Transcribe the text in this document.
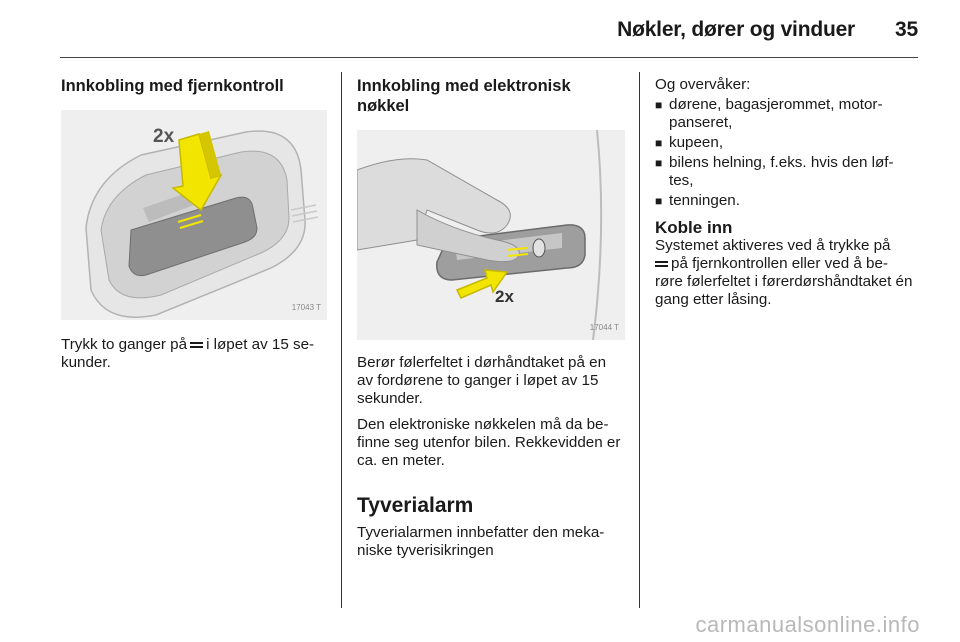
Nøkler, dører og vinduer 35
Innkobling med fjernkontroll
2x
17043 T

Trykk to ganger på i løpet av 15 se-kunder.

Innkobling med elektronisk nøkkel
2x
17044 T

Berør følerfeltet i dørhåndtaket på en av fordørene to ganger i løpet av 15 sekunder.

Den elektroniske nøkkelen må da be-finne seg utenfor bilen. Rekkevidden er ca. en meter.

Tyverialarm

Tyverialarmen innbefatter den meka-niske tyverisikringen

Og overvåker:

■ dørene, bagasjerommet, motor-panseret,
■ kupeen,
■ bilens helning, f.eks. hvis den løf-tes,
■ tenningen.
Koble inn

Systemet aktiveres ved å trykke på

på fjernkontrollen eller ved å be-røre følerfeltet i førerdørshåndtaket én gang etter låsing.

carmanualsonline.info
